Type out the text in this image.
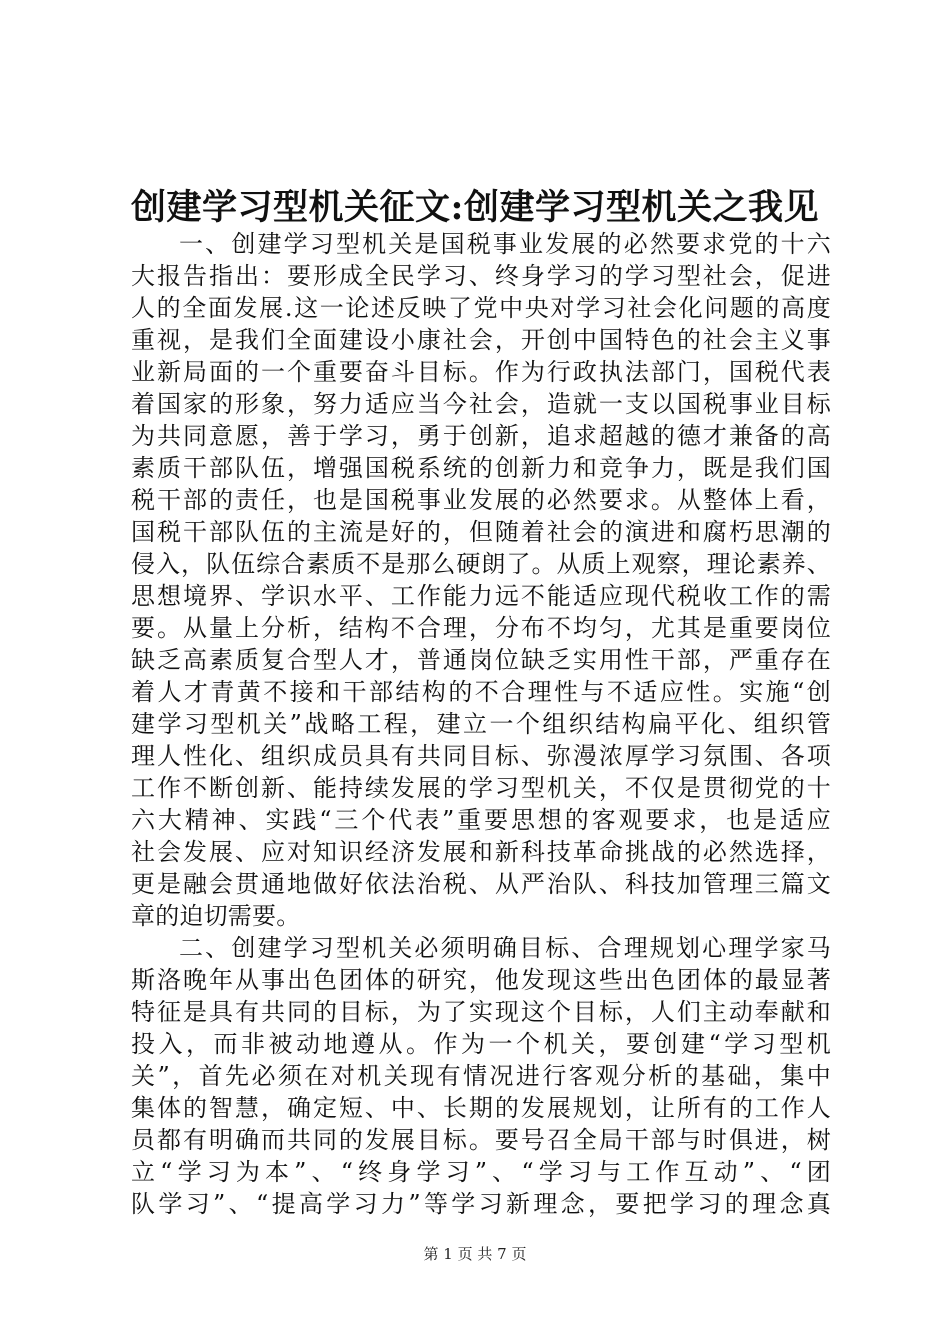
创建学习型机关征文:创建学习型机关之我见
一、创建学习型机关是国税事业发展的必然要求党的十六
大报告指出：要形成全民学习、终身学习的学习型社会，促进
人的全面发展.这一论述反映了党中央对学习社会化问题的高度
重视，是我们全面建设小康社会，开创中国特色的社会主义事
业新局面的一个重要奋斗目标。作为行政执法部门，国税代表
着国家的形象，努力适应当今社会，造就一支以国税事业目标
为共同意愿，善于学习，勇于创新，追求超越的德才兼备的高
素质干部队伍，增强国税系统的创新力和竞争力，既是我们国
税干部的责任，也是国税事业发展的必然要求。从整体上看，
国税干部队伍的主流是好的，但随着社会的演进和腐朽思潮的
侵入，队伍综合素质不是那么硬朗了。从质上观察，理论素养、
思想境界、学识水平、工作能力远不能适应现代税收工作的需
要。从量上分析，结构不合理，分布不均匀，尤其是重要岗位
缺乏高素质复合型人才，普通岗位缺乏实用性干部，严重存在
着人才青黄不接和干部结构的不合理性与不适应性。实施“创
建学习型机关”战略工程，建立一个组织结构扁平化、组织管
理人性化、组织成员具有共同目标、弥漫浓厚学习氛围、各项
工作不断创新、能持续发展的学习型机关，不仅是贯彻党的十
六大精神、实践“三个代表”重要思想的客观要求，也是适应
社会发展、应对知识经济发展和新科技革命挑战的必然选择，
更是融会贯通地做好依法治税、从严治队、科技加管理三篇文
章的迫切需要。
二、创建学习型机关必须明确目标、合理规划心理学家马
斯洛晚年从事出色团体的研究，他发现这些出色团体的最显著
特征是具有共同的目标，为了实现这个目标，人们主动奉献和
投入，而非被动地遵从。作为一个机关，要创建“学习型机
关”，首先必须在对机关现有情况进行客观分析的基础，集中
集体的智慧，确定短、中、长期的发展规划，让所有的工作人
员都有明确而共同的发展目标。要号召全局干部与时俱进，树
立“学习为本”、“终身学习”、“学习与工作互动”、“团
队学习”、“提高学习力”等学习新理念，要把学习的理念真
第 1 页 共 7 页
